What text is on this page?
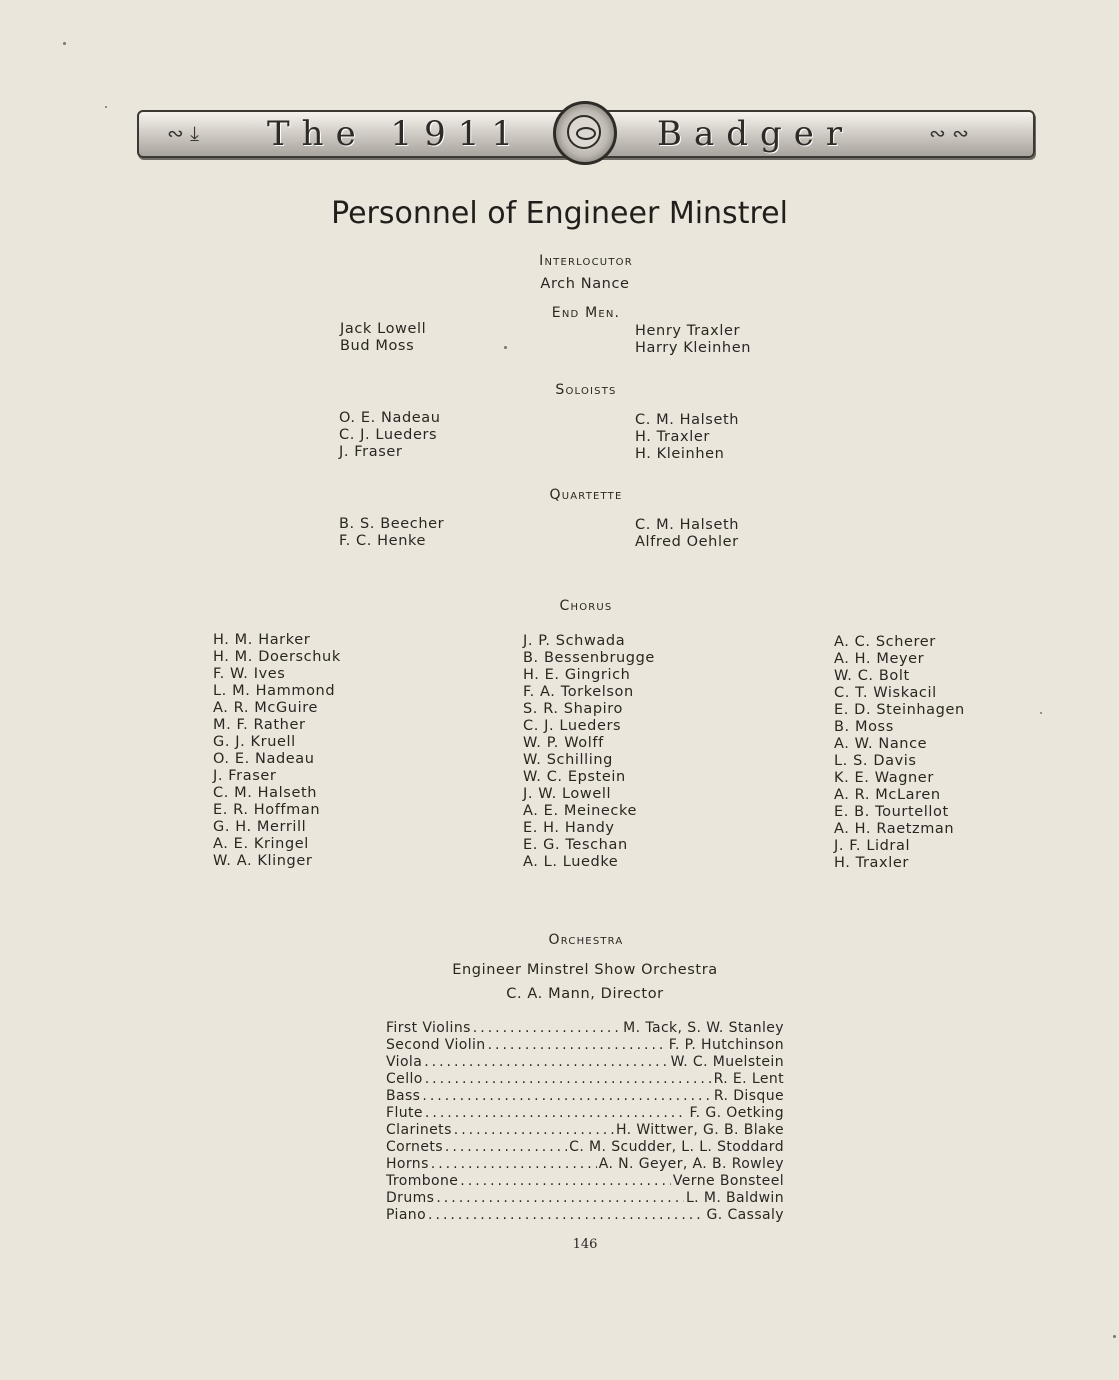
∾ ⤓ The 1911	Badger	∾ ∾
Personnel of Engineer Minstrel
Interlocutor
Arch Nance
End Men.
Jack Lowell
Bud Moss
Henry Traxler
Harry Kleinhen
Soloists
O. E. Nadeau
C. J. Lueders
J. Fraser
C. M. Halseth
H. Traxler
H. Kleinhen
Quartette
B. S. Beecher
F. C. Henke
C. M. Halseth
Alfred Oehler
Chorus
H. M. Harker
H. M. Doerschuk
F. W. Ives
L. M. Hammond
A. R. McGuire
M. F. Rather
G. J. Kruell
O. E. Nadeau
J. Fraser
C. M. Halseth
E. R. Hoffman
G. H. Merrill
A. E. Kringel
W. A. Klinger
J. P. Schwada
B. Bessenbrugge
H. E. Gingrich
F. A. Torkelson
S. R. Shapiro
C. J. Lueders
W. P. Wolff
W. Schilling
W. C. Epstein
J. W. Lowell
A. E. Meinecke
E. H. Handy
E. G. Teschan
A. L. Luedke
A. C. Scherer
A. H. Meyer
W. C. Bolt
C. T. Wiskacil
E. D. Steinhagen
B. Moss
A. W. Nance
L. S. Davis
K. E. Wagner
A. R. McLaren
E. B. Tourtellot
A. H. Raetzman
J. F. Lidral
H. Traxler
Orchestra
Engineer Minstrel Show Orchestra
C. A. Mann, Director
First Violins .....	M. Tack, S. W. Stanley
Second Violin .....	F. P. Hutchinson
Viola .....	W. C. Muelstein
Cello .....	R. E. Lent
Bass .....	R. Disque
Flute .....	F. G. Oetking
Clarinets .....	H. Wittwer, G. B. Blake
Cornets .....	C. M. Scudder, L. L. Stoddard
Horns .....	A. N. Geyer, A. B. Rowley
Trombone .....	Verne Bonsteel
Drums .....	L. M. Baldwin
Piano .....	G. Cassaly
146
